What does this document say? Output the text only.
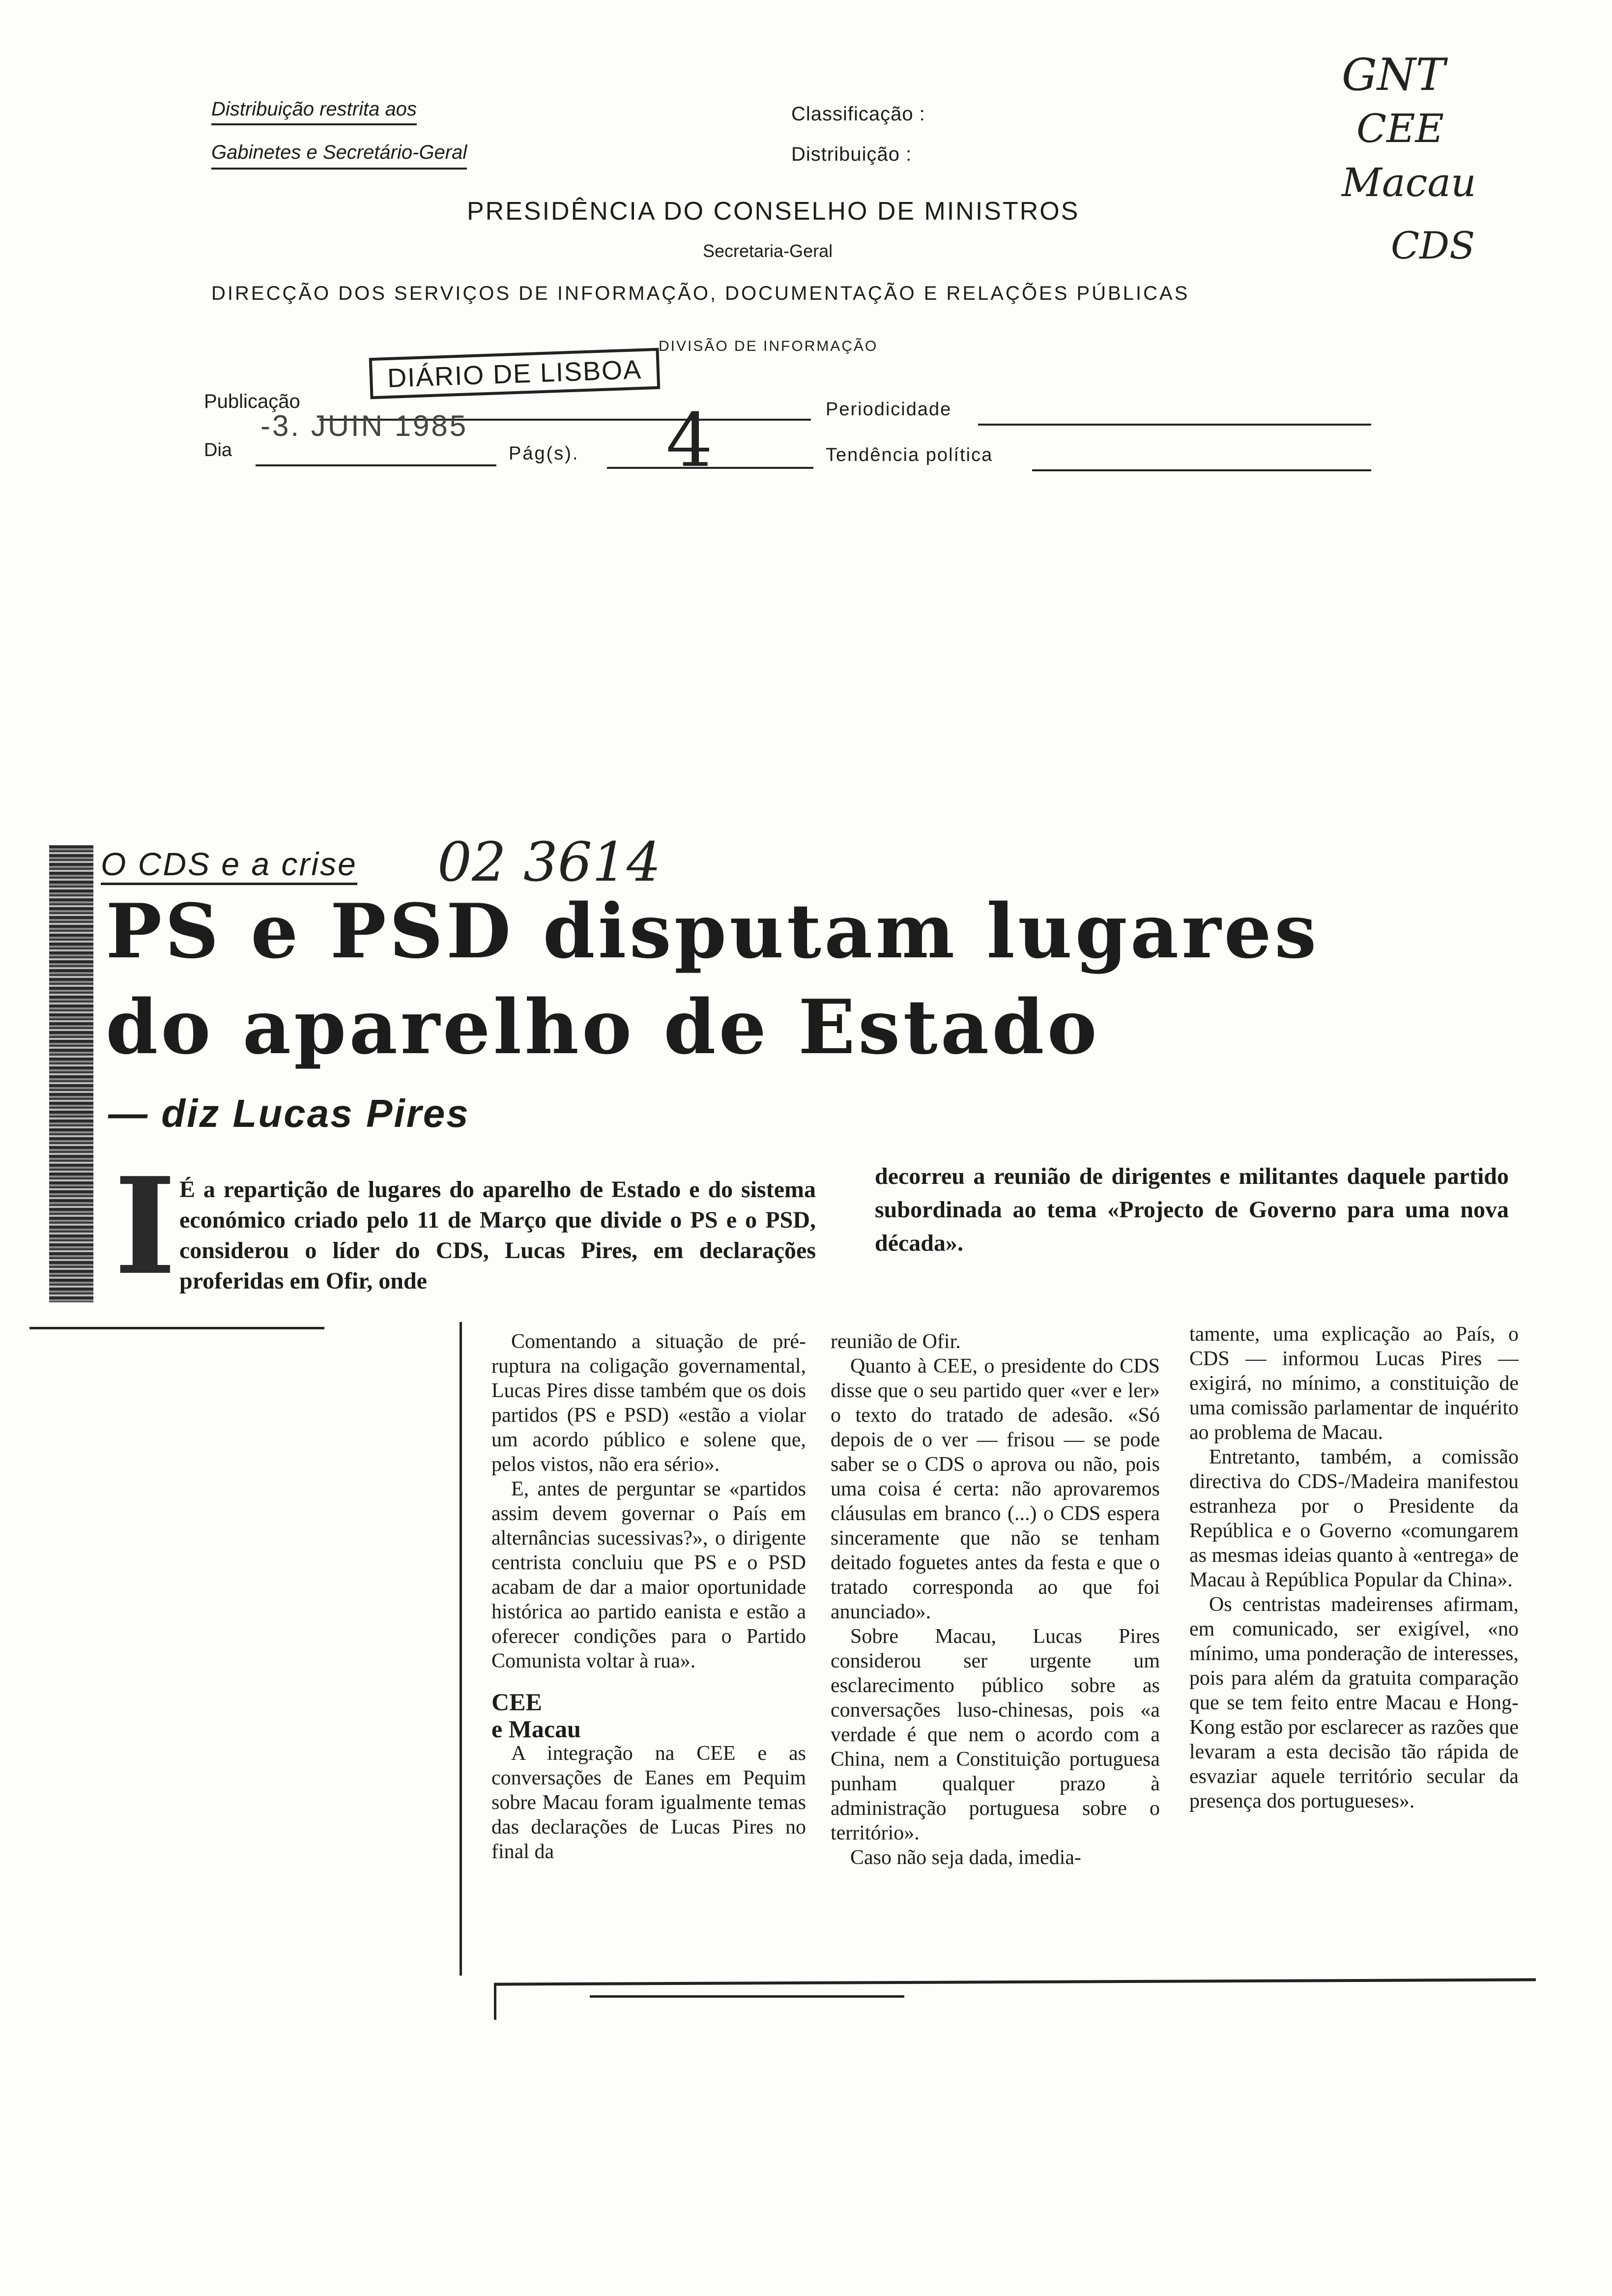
Distribuição restrita aos
Gabinetes e Secretário-Geral
Classificação :
Distribuição :
PRESIDÊNCIA DO CONSELHO DE MINISTROS
Secretaria-Geral
DIRECÇÃO DOS SERVIÇOS DE INFORMAÇÃO, DOCUMENTAÇÃO E RELAÇÕES PÚBLICAS
DIVISÃO DE INFORMAÇÃO
GNT
CEE
Macau
CDS
DIÁRIO DE LISBOA
Publicação	Periodicidade
-3. JUIN 1985
Dia	Pág(s). 4	Tendência política
O CDS e a crise 02 3614
PS e PSD disputam lugares
do aparelho de Estado
— diz Lucas Pires
I É a repartição de lugares do aparelho de Estado e do sistema económico criado pelo 11 de Março que divide o PS e o PSD, considerou o líder do CDS, Lucas Pires, em declarações proferidas em Ofir, onde
decorreu a reunião de dirigentes e militantes daquele partido subordinada ao tema «Projecto de Governo para uma nova década».

Comentando a situação de pré-ruptura na coligação governamental, Lucas Pires disse também que os dois partidos (PS e PSD) «estão a violar um acordo público e solene que, pelos vistos, não era sério».

E, antes de perguntar se «partidos assim devem governar o País em alternâncias sucessivas?», o dirigente centrista concluiu que PS e o PSD acabam de dar a maior oportunidade histórica ao partido eanista e estão a oferecer condições para o Partido Comunista voltar à rua».

CEE
e Macau

A integração na CEE e as conversações de Eanes em Pequim sobre Macau foram igualmente temas das declarações de Lucas Pires no final da

reunião de Ofir.

Quanto à CEE, o presidente do CDS disse que o seu partido quer «ver e ler» o texto do tratado de adesão. «Só depois de o ver — frisou — se pode saber se o CDS o aprova ou não, pois uma coisa é certa: não aprovaremos cláusulas em branco (...) o CDS espera sinceramente que não se tenham deitado foguetes antes da festa e que o tratado corresponda ao que foi anunciado».

Sobre Macau, Lucas Pires considerou ser urgente um esclarecimento público sobre as conversações luso-chinesas, pois «a verdade é que nem o acordo com a China, nem a Constituição portuguesa punham qualquer prazo à administração portuguesa sobre o território».

Caso não seja dada, imedia-

tamente, uma explicação ao País, o CDS — informou Lucas Pires — exigirá, no mínimo, a constituição de uma comissão parlamentar de inquérito ao problema de Macau.

Entretanto, também, a comissão directiva do CDS-/Madeira manifestou estranheza por o Presidente da República e o Governo «comungarem as mesmas ideias quanto à «entrega» de Macau à República Popular da China».

Os centristas madeirenses afirmam, em comunicado, ser exigível, «no mínimo, uma ponderação de interesses, pois para além da gratuita comparação que se tem feito entre Macau e Hong-Kong estão por esclarecer as razões que levaram a esta decisão tão rápida de esvaziar aquele território secular da presença dos portugueses».
